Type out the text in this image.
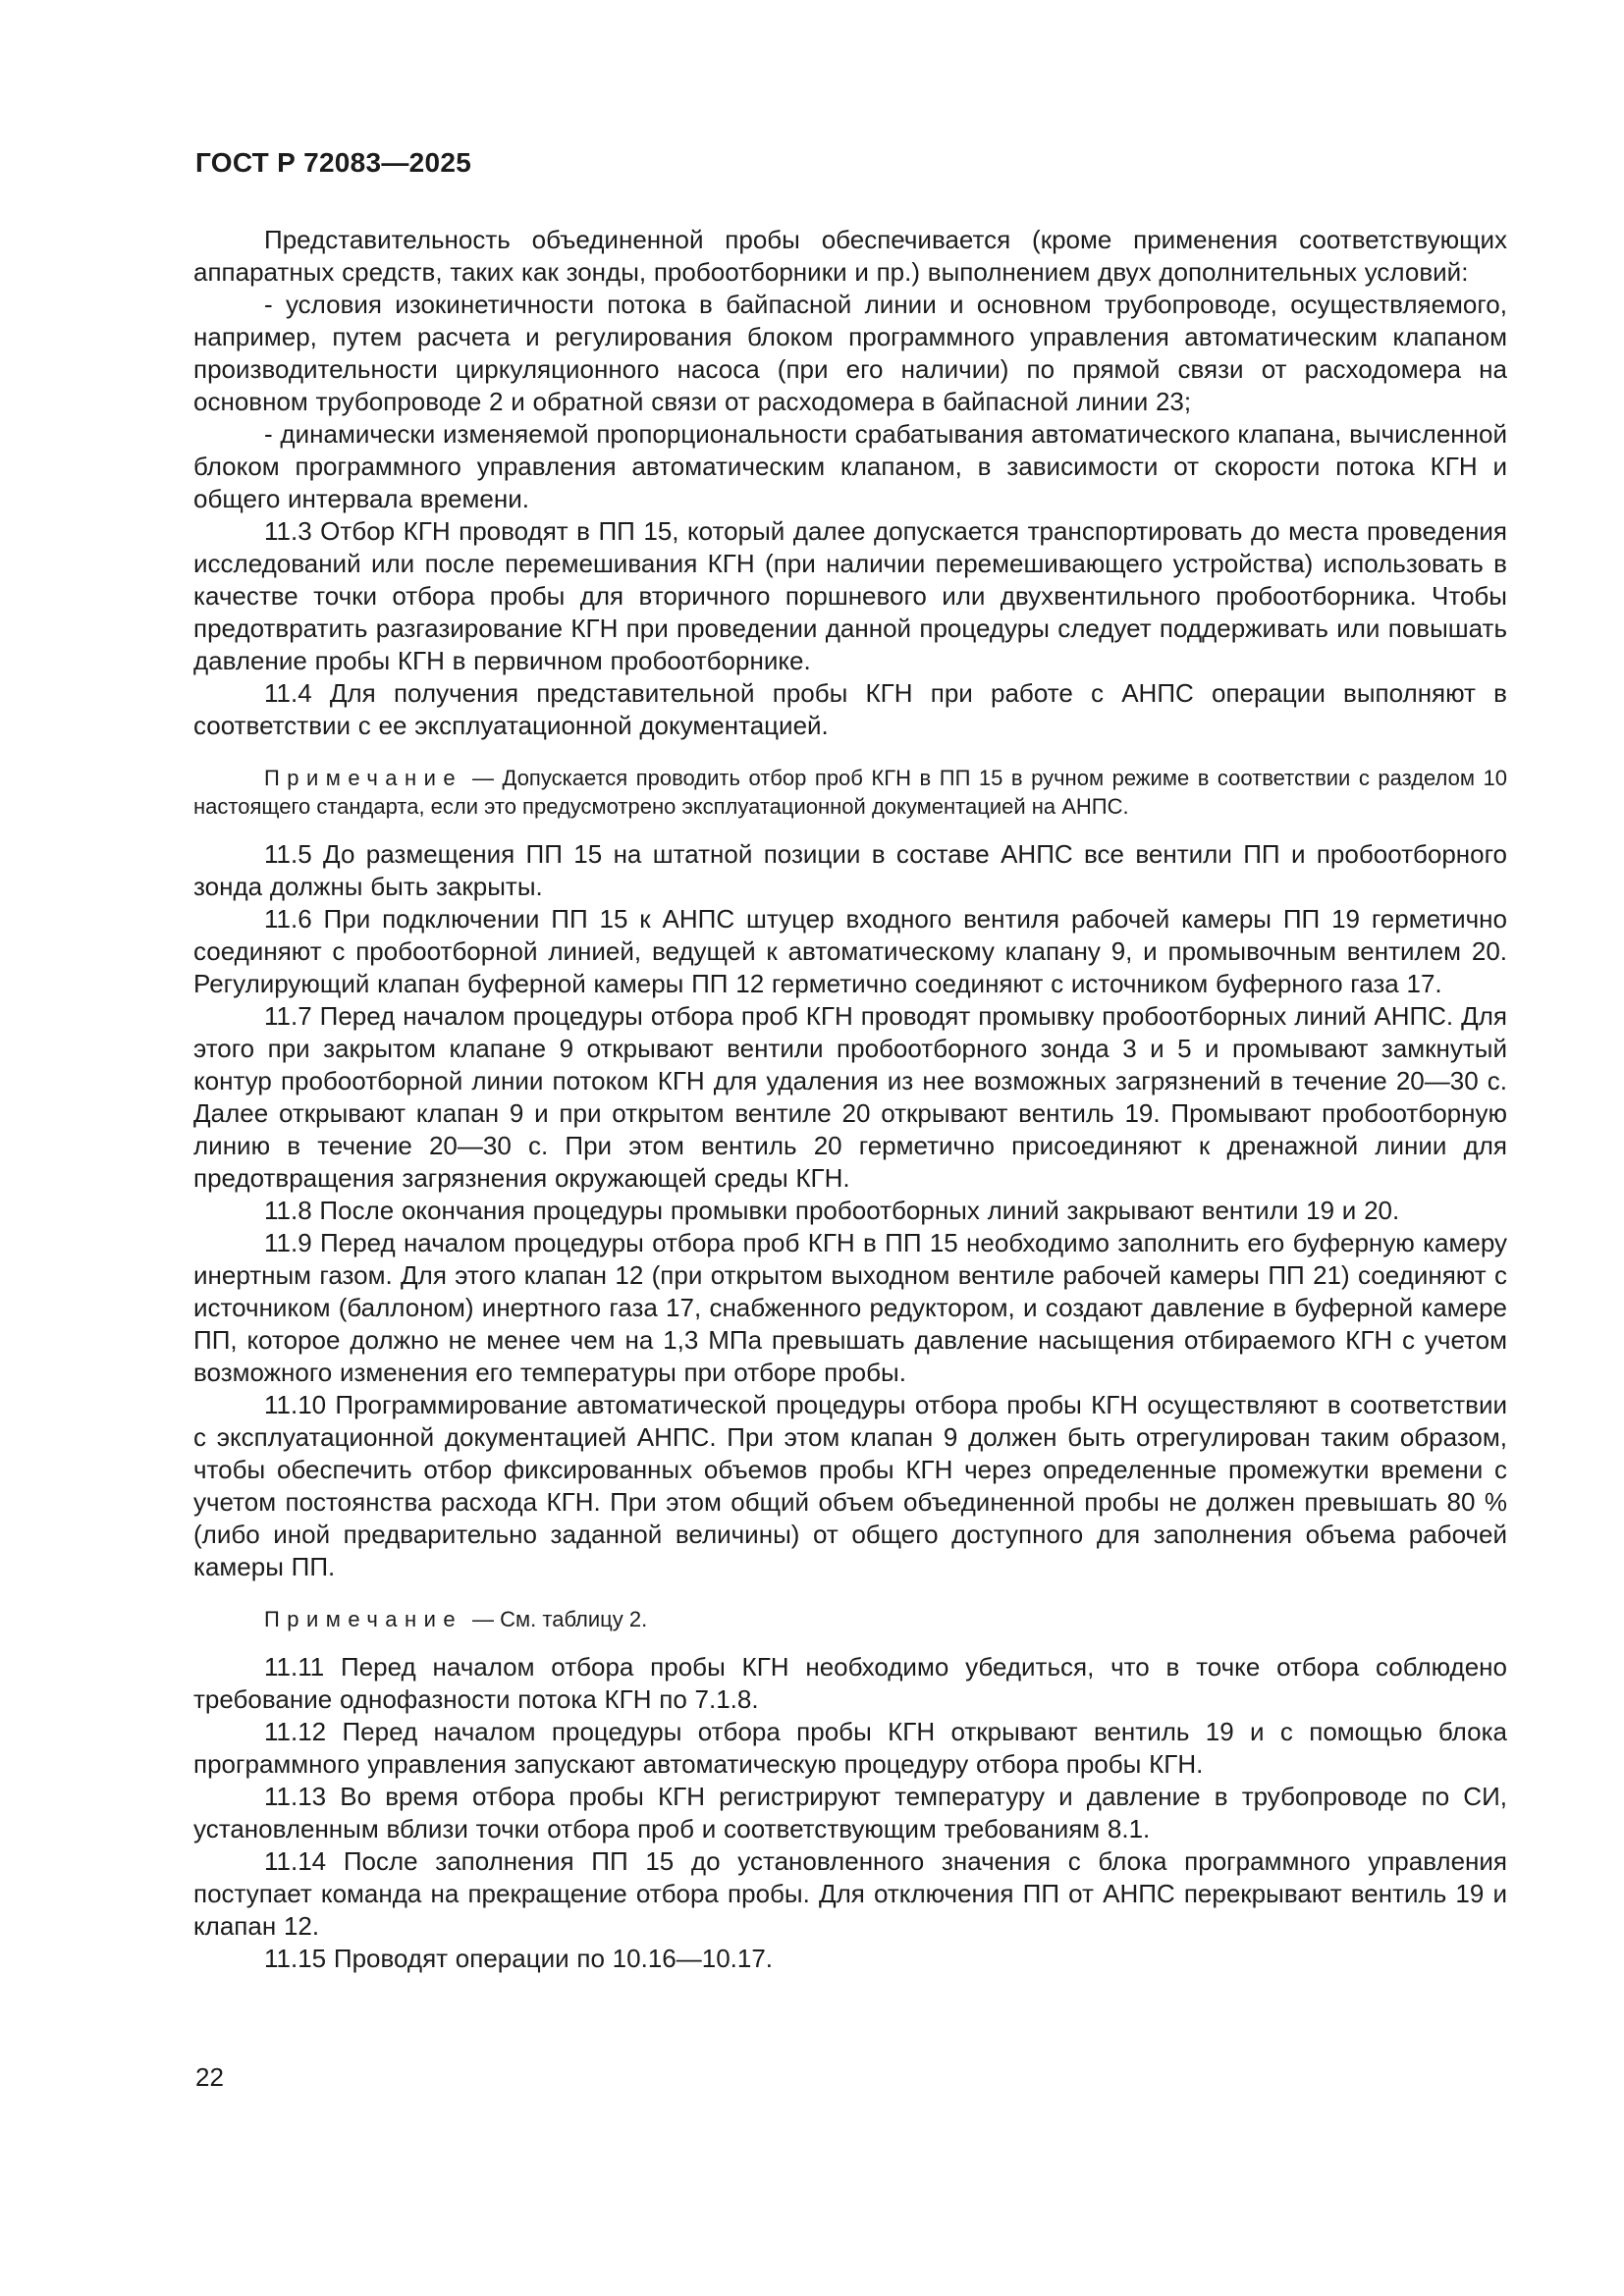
ГОСТ Р 72083—2025

Представительность объединенной пробы обеспечивается (кроме применения соответствующих аппаратных средств, таких как зонды, пробоотборники и пр.) выполнением двух дополнительных условий:

- условия изокинетичности потока в байпасной линии и основном трубопроводе, осуществляемого, например, путем расчета и регулирования блоком программного управления автоматическим клапаном производительности циркуляционного насоса (при его наличии) по прямой связи от расходомера на основном трубопроводе 2 и обратной связи от расходомера в байпасной линии 23;

- динамически изменяемой пропорциональности срабатывания автоматического клапана, вычисленной блоком программного управления автоматическим клапаном, в зависимости от скорости потока КГН и общего интервала времени.

11.3 Отбор КГН проводят в ПП 15, который далее допускается транспортировать до места проведения исследований или после перемешивания КГН (при наличии перемешивающего устройства) использовать в качестве точки отбора пробы для вторичного поршневого или двухвентильного пробоотборника. Чтобы предотвратить разгазирование КГН при проведении данной процедуры следует поддерживать или повышать давление пробы КГН в первичном пробоотборнике.

11.4 Для получения представительной пробы КГН при работе с АНПС операции выполняют в соответствии с ее эксплуатационной документацией.

Примечание — Допускается проводить отбор проб КГН в ПП 15 в ручном режиме в соответствии с разделом 10 настоящего стандарта, если это предусмотрено эксплуатационной документацией на АНПС.

11.5 До размещения ПП 15 на штатной позиции в составе АНПС все вентили ПП и пробоотборного зонда должны быть закрыты.

11.6 При подключении ПП 15 к АНПС штуцер входного вентиля рабочей камеры ПП 19 герметично соединяют с пробоотборной линией, ведущей к автоматическому клапану 9, и промывочным вентилем 20. Регулирующий клапан буферной камеры ПП 12 герметично соединяют с источником буферного газа 17.

11.7 Перед началом процедуры отбора проб КГН проводят промывку пробоотборных линий АНПС. Для этого при закрытом клапане 9 открывают вентили пробоотборного зонда 3 и 5 и промывают замкнутый контур пробоотборной линии потоком КГН для удаления из нее возможных загрязнений в течение 20—30 с. Далее открывают клапан 9 и при открытом вентиле 20 открывают вентиль 19. Промывают пробоотборную линию в течение 20—30 с. При этом вентиль 20 герметично присоединяют к дренажной линии для предотвращения загрязнения окружающей среды КГН.

11.8 После окончания процедуры промывки пробоотборных линий закрывают вентили 19 и 20.

11.9 Перед началом процедуры отбора проб КГН в ПП 15 необходимо заполнить его буферную камеру инертным газом. Для этого клапан 12 (при открытом выходном вентиле рабочей камеры ПП 21) соединяют с источником (баллоном) инертного газа 17, снабженного редуктором, и создают давление в буферной камере ПП, которое должно не менее чем на 1,3 МПа превышать давление насыщения отбираемого КГН с учетом возможного изменения его температуры при отборе пробы.

11.10 Программирование автоматической процедуры отбора пробы КГН осуществляют в соответствии с эксплуатационной документацией АНПС. При этом клапан 9 должен быть отрегулирован таким образом, чтобы обеспечить отбор фиксированных объемов пробы КГН через определенные промежутки времени с учетом постоянства расхода КГН. При этом общий объем объединенной пробы не должен превышать 80 % (либо иной предварительно заданной величины) от общего доступного для заполнения объема рабочей камеры ПП.

Примечание — См. таблицу 2.

11.11 Перед началом отбора пробы КГН необходимо убедиться, что в точке отбора соблюдено требование однофазности потока КГН по 7.1.8.

11.12 Перед началом процедуры отбора пробы КГН открывают вентиль 19 и с помощью блока программного управления запускают автоматическую процедуру отбора пробы КГН.

11.13 Во время отбора пробы КГН регистрируют температуру и давление в трубопроводе по СИ, установленным вблизи точки отбора проб и соответствующим требованиям 8.1.

11.14 После заполнения ПП 15 до установленного значения с блока программного управления поступает команда на прекращение отбора пробы. Для отключения ПП от АНПС перекрывают вентиль 19 и клапан 12.

11.15 Проводят операции по 10.16—10.17.

22
